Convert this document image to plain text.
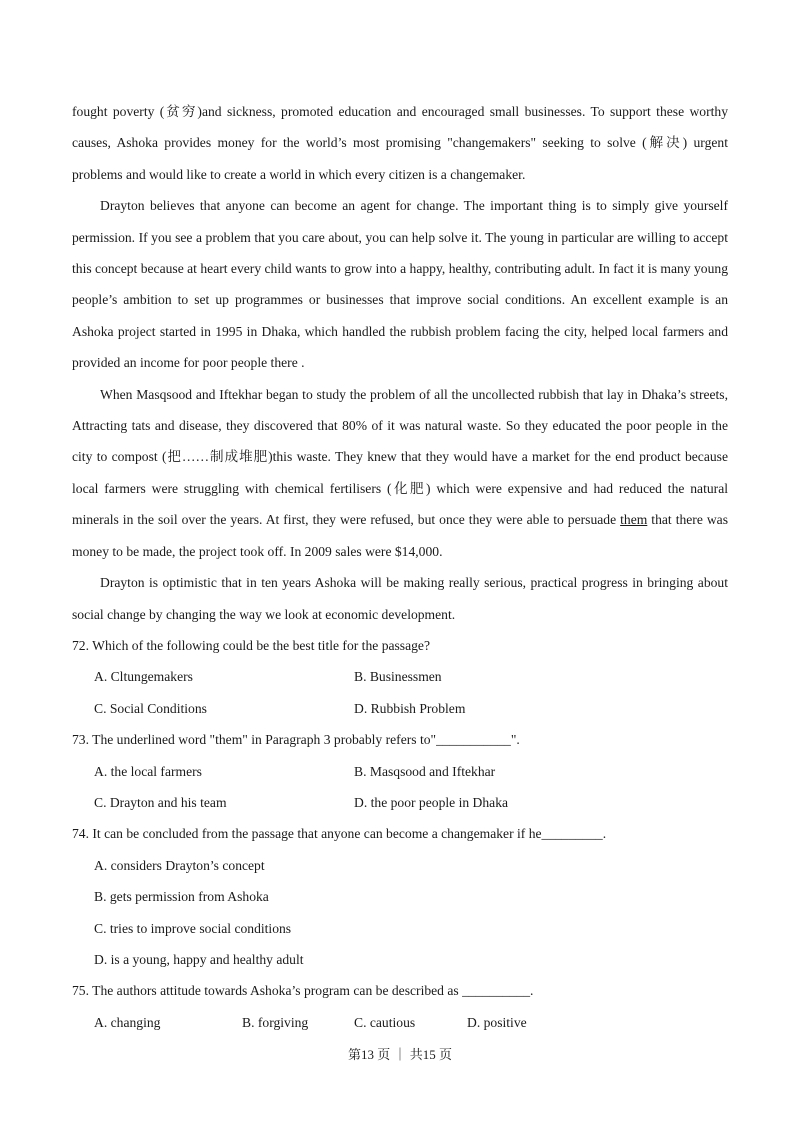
fought poverty (贫穷)and sickness, promoted education and encouraged small businesses. To support these worthy causes, Ashoka provides money for the world’s most promising "changemakers" seeking to solve (解决) urgent problems and would like to create a world in which every citizen is a changemaker.

Drayton believes that anyone can become an agent for change. The important thing is to simply give yourself permission. If you see a problem that you care about, you can help solve it. The young in particular are willing to accept this concept because at heart every child wants to grow into a happy, healthy, contributing adult. In fact it is many young people’s ambition to set up programmes or businesses that improve social conditions. An excellent example is an Ashoka project started in 1995 in Dhaka, which handled the rubbish problem facing the city, helped local farmers and provided an income for poor people there .

When Masqsood and Iftekhar began to study the problem of all the uncollected rubbish that lay in Dhaka’s streets, Attracting tats and disease, they discovered that 80% of it was natural waste. So they educated the poor people in the city to compost (把……制成堆肥)this waste. They knew that they would have a market for the end product because local farmers were struggling with chemical fertilisers (化肥) which were expensive and had reduced the natural minerals in the soil over the years. At first, they were refused, but once they were able to persuade them that there was money to be made, the project took off. In 2009 sales were $14,000.

Drayton is optimistic that in ten years Ashoka will be making really serious, practical progress in bringing about social change by changing the way we look at economic development.

72. Which of the following could be the best title for the passage?

A. Cltungemakers	B. Businessmen
C. Social Conditions	D. Rubbish Problem

73. The underlined word "them" in Paragraph 3 probably refers to"___________".

A. the local farmers	B. Masqsood and Iftekhar
C. Drayton and his team	D. the poor people in Dhaka

74. It can be concluded from the passage that anyone can become a changemaker if he_________.

A. considers Drayton’s concept
B. gets permission from Ashoka
C. tries to improve social conditions
D. is a young, happy and healthy adult

75. The authors attitude towards Ashoka’s program can be described as __________.

A. changing	B. forgiving	C. cautious	D. positive
第13 页 ｜ 共15 页
